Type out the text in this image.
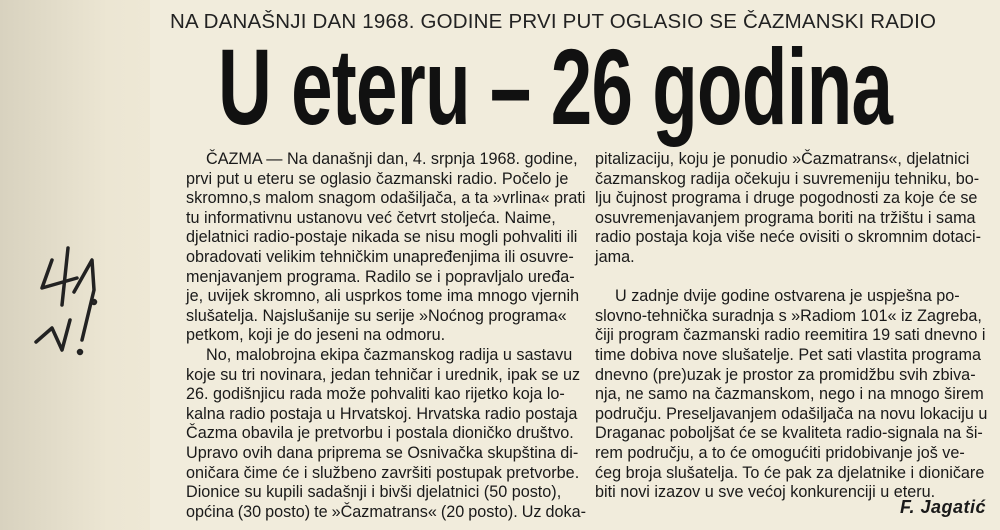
NA DANAŠNJI DAN 1968. GODINE PRVI PUT OGLASIO SE ČAZMANSKI RADIO
U eteru – 26 godina
ČAZMA — Na današnji dan, 4. srpnja 1968. godine,
prvi put u eteru se oglasio čazmanski radio. Počelo je
skromno,s malom snagom odašiljača, a ta »vrlina« prati
tu informativnu ustanovu već četvrt stoljeća. Naime,
djelatnici radio-postaje nikada se nisu mogli pohvaliti ili
obradovati velikim tehničkim unapređenjima ili osuvre-
menjavanjem programa. Radilo se i popravljalo uređa-
je, uvijek skromno, ali usprkos tome ima mnogo vjernih
slušatelja. Najslušanije su serije »Noćnog programa«
petkom, koji je do jeseni na odmoru.
No, malobrojna ekipa čazmanskog radija u sastavu
koje su tri novinara, jedan tehničar i urednik, ipak se uz
26. godišnjicu rada može pohvaliti kao rijetko koja lo-
kalna radio postaja u Hrvatskoj. Hrvatska radio postaja
Čazma obavila je pretvorbu i postala dioničko društvo.
Upravo ovih dana priprema se Osnivačka skupština di-
oničara čime će i službeno završiti postupak pretvorbe.
Dionice su kupili sadašnji i bivši djelatnici (50 posto),
općina (30 posto) te »Čazmatrans« (20 posto). Uz doka-
pitalizaciju, koju je ponudio »Čazmatrans«, djelatnici
čazmanskog radija očekuju i suvremeniju tehniku, bo-
lju čujnost programa i druge pogodnosti za koje će se
osuvremenjavanjem programa boriti na tržištu i sama
radio postaja koja više neće ovisiti o skromnim dotaci-
jama.
U zadnje dvije godine ostvarena je uspješna po-
slovno-tehnička suradnja s »Radiom 101« iz Zagreba,
čiji program čazmanski radio reemitira 19 sati dnevno i
time dobiva nove slušatelje. Pet sati vlastita programa
dnevno (pre)uzak je prostor za promidžbu svih zbiva-
nja, ne samo na čazmanskom, nego i na mnogo širem
području. Preseljavanjem odašiljača na novu lokaciju u
Draganac poboljšat će se kvaliteta radio-signala na ši-
rem području, a to će omogućiti pridobivanje još ve-
ćeg broja slušatelja. To će pak za djelatnike i dioničare
biti novi izazov u sve većoj konkurenciji u eteru.
F. Jagatić
